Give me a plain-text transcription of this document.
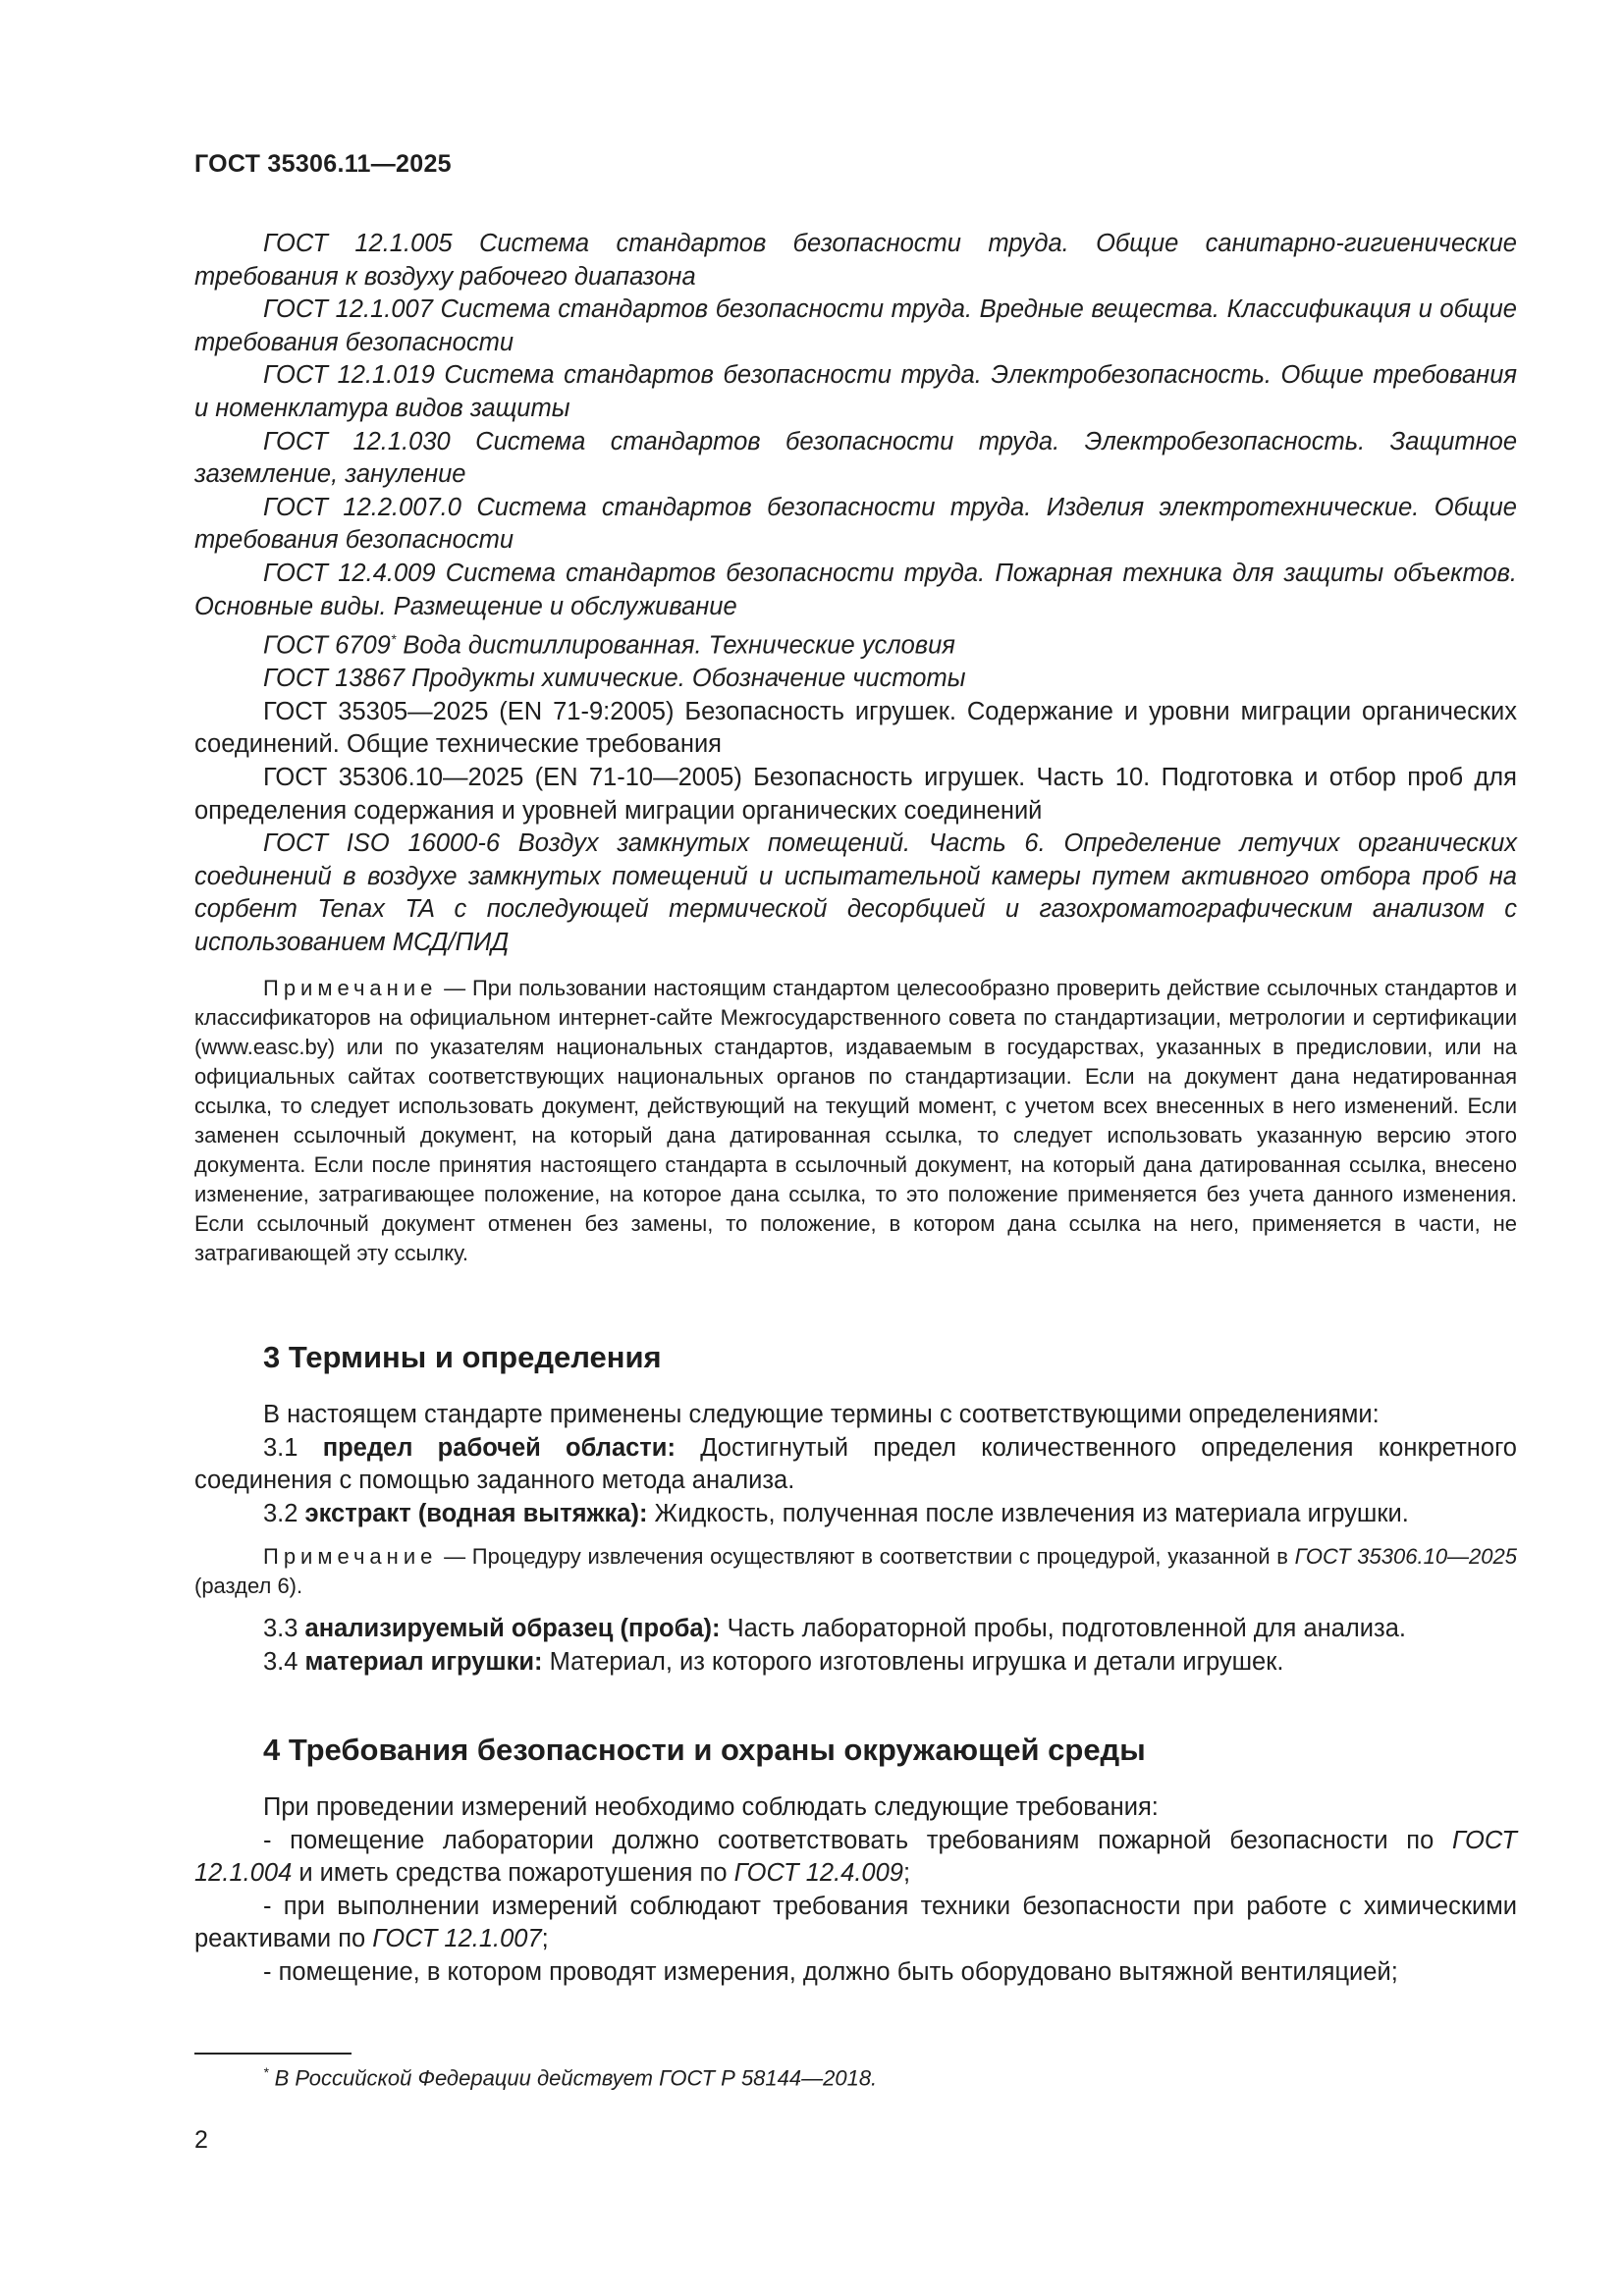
ГОСТ 35306.11—2025

ГОСТ 12.1.005 Система стандартов безопасности труда. Общие санитарно-гигиенические требования к воздуху рабочего диапазона

ГОСТ 12.1.007 Система стандартов безопасности труда. Вредные вещества. Классификация и общие требования безопасности

ГОСТ 12.1.019 Система стандартов безопасности труда. Электробезопасность. Общие требования и номенклатура видов защиты

ГОСТ 12.1.030 Система стандартов безопасности труда. Электробезопасность. Защитное заземление, зануление

ГОСТ 12.2.007.0 Система стандартов безопасности труда. Изделия электротехнические. Общие требования безопасности

ГОСТ 12.4.009 Система стандартов безопасности труда. Пожарная техника для защиты объектов. Основные виды. Размещение и обслуживание

ГОСТ 6709* Вода дистиллированная. Технические условия

ГОСТ 13867 Продукты химические. Обозначение чистоты

ГОСТ 35305—2025 (EN 71-9:2005) Безопасность игрушек. Содержание и уровни миграции органических соединений. Общие технические требования

ГОСТ 35306.10—2025 (EN 71-10—2005) Безопасность игрушек. Часть 10. Подготовка и отбор проб для определения содержания и уровней миграции органических соединений

ГОСТ ISO 16000-6 Воздух замкнутых помещений. Часть 6. Определение летучих органических соединений в воздухе замкнутых помещений и испытательной камеры путем активного отбора проб на сорбент Tenax TA с последующей термической десорбцией и газохроматографическим анализом с использованием МСД/ПИД

Примечание — При пользовании настоящим стандартом целесообразно проверить действие ссылочных стандартов и классификаторов на официальном интернет-сайте Межгосударственного совета по стандартизации, метрологии и сертификации (www.easc.by) или по указателям национальных стандартов, издаваемым в государствах, указанных в предисловии, или на официальных сайтах соответствующих национальных органов по стандартизации. Если на документ дана недатированная ссылка, то следует использовать документ, действующий на текущий момент, с учетом всех внесенных в него изменений. Если заменен ссылочный документ, на который дана датированная ссылка, то следует использовать указанную версию этого документа. Если после принятия настоящего стандарта в ссылочный документ, на который дана датированная ссылка, внесено изменение, затрагивающее положение, на которое дана ссылка, то это положение применяется без учета данного изменения. Если ссылочный документ отменен без замены, то положение, в котором дана ссылка на него, применяется в части, не затрагивающей эту ссылку.

3 Термины и определения

В настоящем стандарте применены следующие термины с соответствующими определениями:

3.1 предел рабочей области: Достигнутый предел количественного определения конкретного соединения с помощью заданного метода анализа.

3.2 экстракт (водная вытяжка): Жидкость, полученная после извлечения из материала игрушки.

Примечание — Процедуру извлечения осуществляют в соответствии с процедурой, указанной в ГОСТ 35306.10—2025 (раздел 6).

3.3 анализируемый образец (проба): Часть лабораторной пробы, подготовленной для анализа.

3.4 материал игрушки: Материал, из которого изготовлены игрушка и детали игрушек.

4 Требования безопасности и охраны окружающей среды

При проведении измерений необходимо соблюдать следующие требования:

- помещение лаборатории должно соответствовать требованиям пожарной безопасности по ГОСТ 12.1.004 и иметь средства пожаротушения по ГОСТ 12.4.009;

- при выполнении измерений соблюдают требования техники безопасности при работе с химическими реактивами по ГОСТ 12.1.007;

- помещение, в котором проводят измерения, должно быть оборудовано вытяжной вентиляцией;

* В Российской Федерации действует ГОСТ Р 58144—2018.
2
